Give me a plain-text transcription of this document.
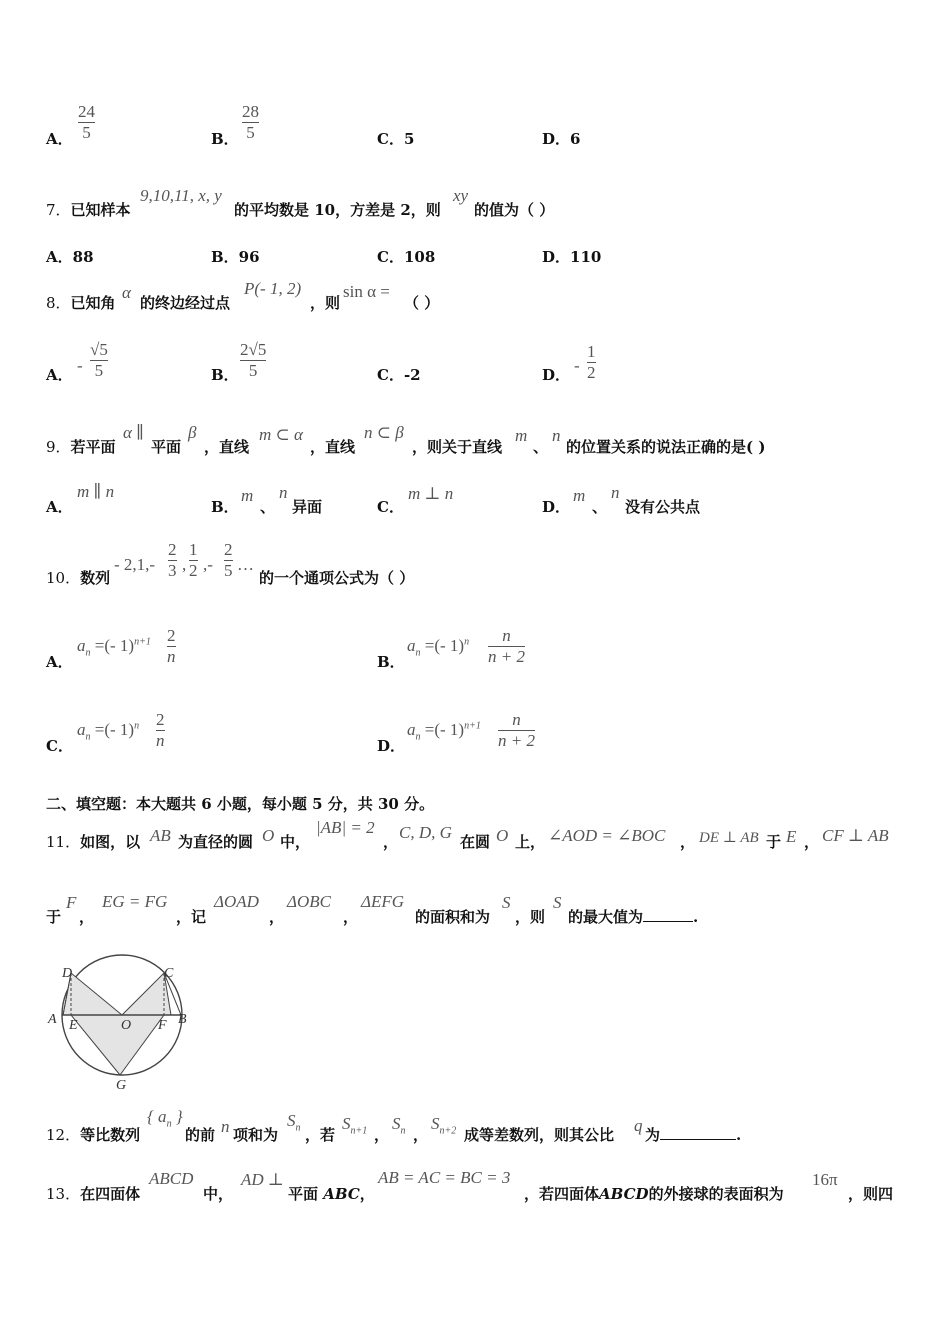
A．
24
5	B．
28
5	C．5	D．6
7．已知样本
9,10,11, x, y
的平均数是 10，方差是 2，则
xy
的值为（ ）
A．88	B．96	C．108	D．110
8．已知角
α
的终边经过点
P(- 1, 2)
，则
sin α =
（ ）
A． -
√5
5	B．
2√5
5	C．-2	D． -
1
2
9．若平面
α ∥
平面
β
，直线
m ⊂ α
，直线
n ⊂ β
，则关于直线
m
、
n
的位置关系的说法正确的是( )
A．
m ∥ n
B．
m
、
n
异面	C．
m ⊥ n
D．
m
、
n
没有公共点
10．数列
- 2,1,-
2
3 ,
1
2 ,-
2
5 …
的一个通项公式为（ ）
A．
$a_n$ =(- 1)$^{n+1}$ 2
n	B．
$a_n$ =(- 1)$^n$ n
n + 2
C．
$a_n$ =(- 1)$^n$ 2
n	D．
$a_n$ =(- 1)$^{n+1}$ n
n + 2
二、填空题：本大题共 6 小题，每小题 5 分，共 30 分。
11．如图，以 AB 为直径的圆 O 中，
|AB| = 2
， C, D, G 在圆 O 上， ∠AOD = ∠BOC ， DE ⊥ AB 于 E ， CF ⊥ AB
于
F
，
EG = FG
，记
ΔOAD
，
ΔOBC
，
ΔEFG
的面积和为
S
，则
S
的最大值为	.
D	C
A E	O F B
G
12．等比数列
{ $a_n$ }
的前 n 项和为
$S_n$ ，若
$S_{n+1}$ ，
$S_n$ ，
$S_{n+2}$ 成等差数列，则其公比 q 为	.
13．在四面体
ABCD
中，
AD ⊥
平面 ABC，
AB = AC = BC = 3
，若四面体ABCD的外接球的表面积为
16π
，则四
